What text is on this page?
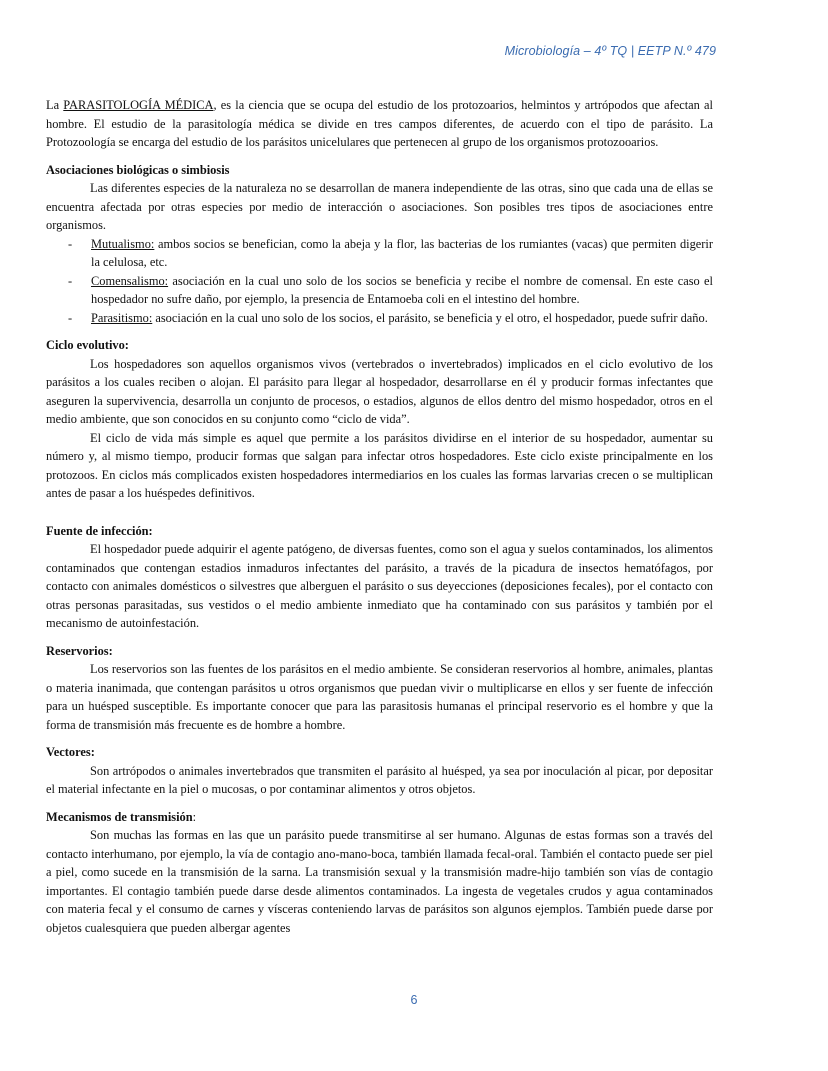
Microbiología – 4º TQ | EETP N.º 479

La PARASITOLOGÍA MÉDICA, es la ciencia que se ocupa del estudio de los protozoarios, helmintos y artrópodos que afectan al hombre. El estudio de la parasitología médica se divide en tres campos diferentes, de acuerdo con el tipo de parásito. La Protozoología se encarga del estudio de los parásitos unicelulares que pertenecen al grupo de los organismos protozooarios.

Asociaciones biológicas o simbiosis

Las diferentes especies de la naturaleza no se desarrollan de manera independiente de las otras, sino que cada una de ellas se encuentra afectada por otras especies por medio de interacción o asociaciones. Son posibles tres tipos de asociaciones entre organismos.

- Mutualismo: ambos socios se benefician, como la abeja y la flor, las bacterias de los rumiantes (vacas) que permiten digerir la celulosa, etc.
- Comensalismo: asociación en la cual uno solo de los socios se beneficia y recibe el nombre de comensal. En este caso el hospedador no sufre daño, por ejemplo, la presencia de Entamoeba coli en el intestino del hombre.
- Parasitismo: asociación en la cual uno solo de los socios, el parásito, se beneficia y el otro, el hospedador, puede sufrir daño.

Ciclo evolutivo:

Los hospedadores son aquellos organismos vivos (vertebrados o invertebrados) implicados en el ciclo evolutivo de los parásitos a los cuales reciben o alojan. El parásito para llegar al hospedador, desarrollarse en él y producir formas infectantes que aseguren la supervivencia, desarrolla un conjunto de procesos, o estadios, algunos de ellos dentro del mismo hospedador, otros en el medio ambiente, que son conocidos en su conjunto como “ciclo de vida”.

El ciclo de vida más simple es aquel que permite a los parásitos dividirse en el interior de su hospedador, aumentar su número y, al mismo tiempo, producir formas que salgan para infectar otros hospedadores. Este ciclo existe principalmente en los protozoos. En ciclos más complicados existen hospedadores intermediarios en los cuales las formas larvarias crecen o se multiplican antes de pasar a los huéspedes definitivos.

Fuente de infección:

El hospedador puede adquirir el agente patógeno, de diversas fuentes, como son el agua y suelos contaminados, los alimentos contaminados que contengan estadios inmaduros infectantes del parásito, a través de la picadura de insectos hematófagos, por contacto con animales domésticos o silvestres que alberguen el parásito o sus deyecciones (deposiciones fecales), por el contacto con otras personas parasitadas, sus vestidos o el medio ambiente inmediato que ha contaminado con sus parásitos y también por el mecanismo de autoinfestación.

Reservorios:

Los reservorios son las fuentes de los parásitos en el medio ambiente. Se consideran reservorios al hombre, animales, plantas o materia inanimada, que contengan parásitos u otros organismos que puedan vivir o multiplicarse en ellos y ser fuente de infección para un huésped susceptible. Es importante conocer que para las parasitosis humanas el principal reservorio es el hombre y que la forma de transmisión más frecuente es de hombre a hombre.

Vectores:

Son artrópodos o animales invertebrados que transmiten el parásito al huésped, ya sea por inoculación al picar, por depositar el material infectante en la piel o mucosas, o por contaminar alimentos y otros objetos.

Mecanismos de transmisión:

Son muchas las formas en las que un parásito puede transmitirse al ser humano. Algunas de estas formas son a través del contacto interhumano, por ejemplo, la vía de contagio ano-mano-boca, también llamada fecal-oral. También el contacto puede ser piel a piel, como sucede en la transmisión de la sarna. La transmisión sexual y la transmisión madre-hijo también son vías de contagio importantes. El contagio también puede darse desde alimentos contaminados. La ingesta de vegetales crudos y agua contaminados con materia fecal y el consumo de carnes y vísceras conteniendo larvas de parásitos son algunos ejemplos. También puede darse por objetos cualesquiera que pueden albergar agentes

6
